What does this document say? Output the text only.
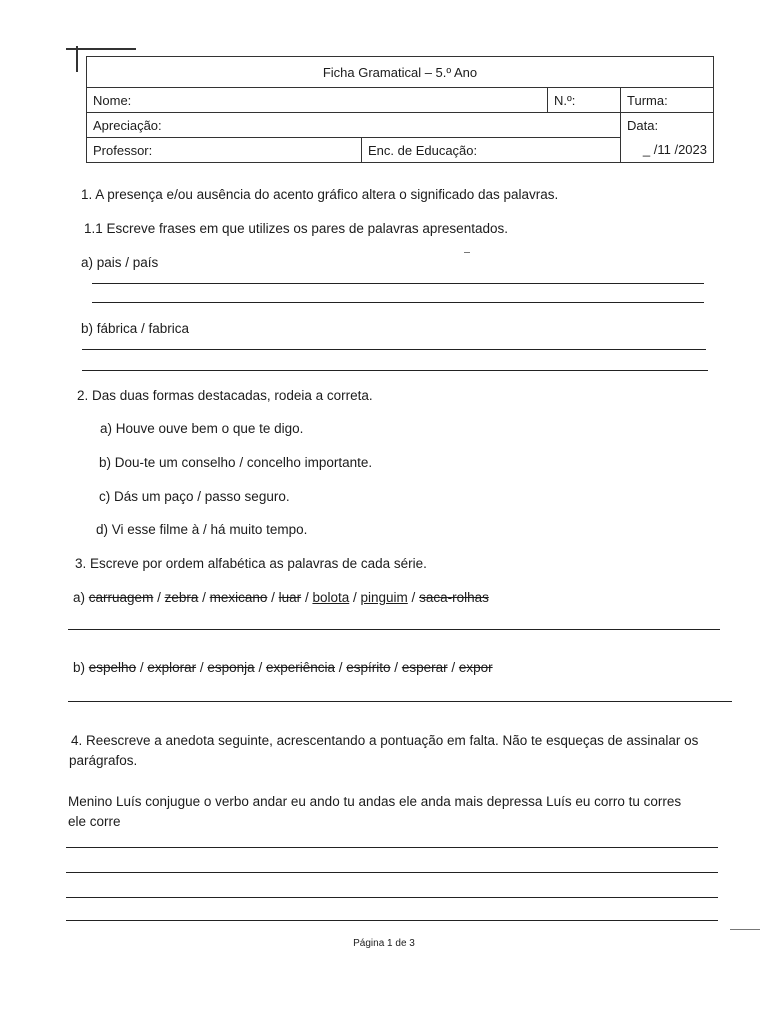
Ficha Gramatical – 5.º Ano			
Nome:		N.º:	Turma:
Apreciação:			Data:
Professor:	Enc. de Educação:		_ /11 /2023
1. A presença e/ou ausência do acento gráfico altera o significado das palavras.
1.1 Escreve frases em que utilizes os pares de palavras apresentados.
a) pais / país
b) fábrica / fabrica
2. Das duas formas destacadas, rodeia a correta.
a) Houve ouve bem o que te digo.
b) Dou-te um conselho / concelho importante.
c) Dás um paço / passo seguro.
d) Vi esse filme à / há muito tempo.
3. Escreve por ordem alfabética as palavras de cada série.
a) carruagem / zebra / mexicano / luar / bolota / pinguim / saca-rolhas
b) espelho / explorar / esponja / experiência / espírito / esperar / expor
4. Reescreve a anedota seguinte, acrescentando a pontuação em falta. Não te esqueças de assinalar os
parágrafos.
Menino Luís conjugue o verbo andar eu ando tu andas ele anda mais depressa Luís eu corro tu corres
ele corre
Página 1 de 3
